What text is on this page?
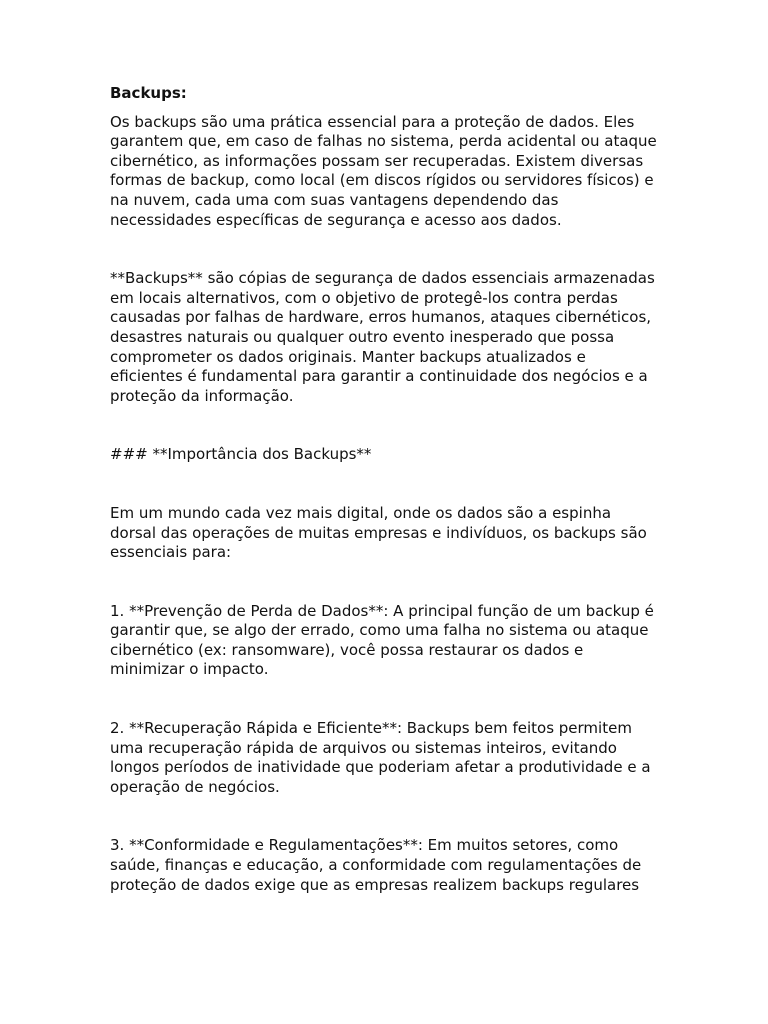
Backups:

Os backups são uma prática essencial para a proteção de dados. Eles garantem que, em caso de falhas no sistema, perda acidental ou ataque cibernético, as informações possam ser recuperadas. Existem diversas formas de backup, como local (em discos rígidos ou servidores físicos) e na nuvem, cada uma com suas vantagens dependendo das necessidades específicas de segurança e acesso aos dados.

**Backups** são cópias de segurança de dados essenciais armazenadas em locais alternativos, com o objetivo de protegê-los contra perdas causadas por falhas de hardware, erros humanos, ataques cibernéticos, desastres naturais ou qualquer outro evento inesperado que possa comprometer os dados originais. Manter backups atualizados e eficientes é fundamental para garantir a continuidade dos negócios e a proteção da informação.

### **Importância dos Backups**

Em um mundo cada vez mais digital, onde os dados são a espinha dorsal das operações de muitas empresas e indivíduos, os backups são essenciais para:

1. **Prevenção de Perda de Dados**: A principal função de um backup é garantir que, se algo der errado, como uma falha no sistema ou ataque cibernético (ex: ransomware), você possa restaurar os dados e minimizar o impacto.

2. **Recuperação Rápida e Eficiente**: Backups bem feitos permitem uma recuperação rápida de arquivos ou sistemas inteiros, evitando longos períodos de inatividade que poderiam afetar a produtividade e a operação de negócios.

3. **Conformidade e Regulamentações**: Em muitos setores, como saúde, finanças e educação, a conformidade com regulamentações de proteção de dados exige que as empresas realizem backups regulares
